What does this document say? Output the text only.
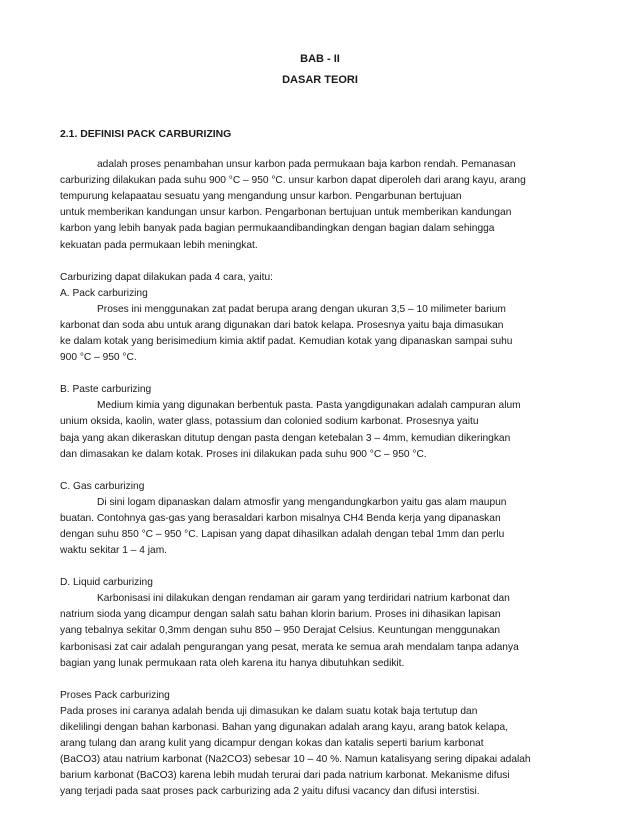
BAB - II
DASAR TEORI
2.1. DEFINISI PACK CARBURIZING
adalah proses penambahan unsur karbon pada permukaan baja karbon rendah. Pemanasan
carburizing dilakukan pada suhu 900 °C – 950 °C. unsur karbon dapat diperoleh dari arang kayu, arang
tempurung kelapaatau sesuatu yang mengandung unsur karbon. Pengarbunan bertujuan
untuk memberikan kandungan unsur karbon. Pengarbonan bertujuan untuk memberikan kandungan
karbon yang lebih banyak pada bagian permukaandibandingkan dengan bagian dalam sehingga
kekuatan pada permukaan lebih meningkat.
Carburizing dapat dilakukan pada 4 cara, yaitu:
A. Pack carburizing
Proses ini menggunakan zat padat berupa arang dengan ukuran 3,5 – 10 milimeter barium
karbonat dan soda abu untuk arang digunakan dari batok kelapa. Prosesnya yaitu baja dimasukan
ke dalam kotak yang berisimedium kimia aktif padat. Kemudian kotak yang dipanaskan sampai suhu
900 °C – 950 °C.
B. Paste carburizing
Medium kimia yang digunakan berbentuk pasta. Pasta yangdigunakan adalah campuran alum
unium oksida, kaolin, water glass, potassium dan colonied sodium karbonat. Prosesnya yaitu
baja yang akan dikeraskan ditutup dengan pasta dengan ketebalan 3 – 4mm, kemudian dikeringkan
dan dimasakan ke dalam kotak. Proses ini dilakukan pada suhu 900 °C – 950 °C.
C. Gas carburizing
Di sini logam dipanaskan dalam atmosfir yang mengandungkarbon yaitu gas alam maupun
buatan. Contohnya gas-gas yang berasaldari karbon misalnya CH4 Benda kerja yang dipanaskan
dengan suhu 850 °C – 950 °C. Lapisan yang dapat dihasilkan adalah dengan tebal 1mm dan perlu
waktu sekitar 1 – 4 jam.
D. Liquid carburizing
Karbonisasi ini dilakukan dengan rendaman air garam yang terdiridari natrium karbonat dan
natrium sioda yang dicampur dengan salah satu bahan klorin barium. Proses ini dihasikan lapisan
yang tebalnya sekitar 0,3mm dengan suhu 850 – 950 Derajat Celsius. Keuntungan menggunakan
karbonisasi zat cair adalah pengurangan yang pesat, merata ke semua arah mendalam tanpa adanya
bagian yang lunak permukaan rata oleh karena itu hanya dibutuhkan sedikit.
Proses Pack carburizing
Pada proses ini caranya adalah benda uji dimasukan ke dalam suatu kotak baja tertutup dan
dikelilingi dengan bahan karbonasi. Bahan yang digunakan adalah arang kayu, arang batok kelapa,
arang tulang dan arang kulit yang dicampur dengan kokas dan katalis seperti barium karbonat
(BaCO3) atau natrium karbonat (Na2CO3) sebesar 10 – 40 %. Namun katalisyang sering dipakai adalah
barium karbonat (BaCO3) karena lebih mudah terurai dari pada natrium karbonat. Mekanisme difusi
yang terjadi pada saat proses pack carburizing ada 2 yaitu difusi vacancy dan difusi interstisi.
